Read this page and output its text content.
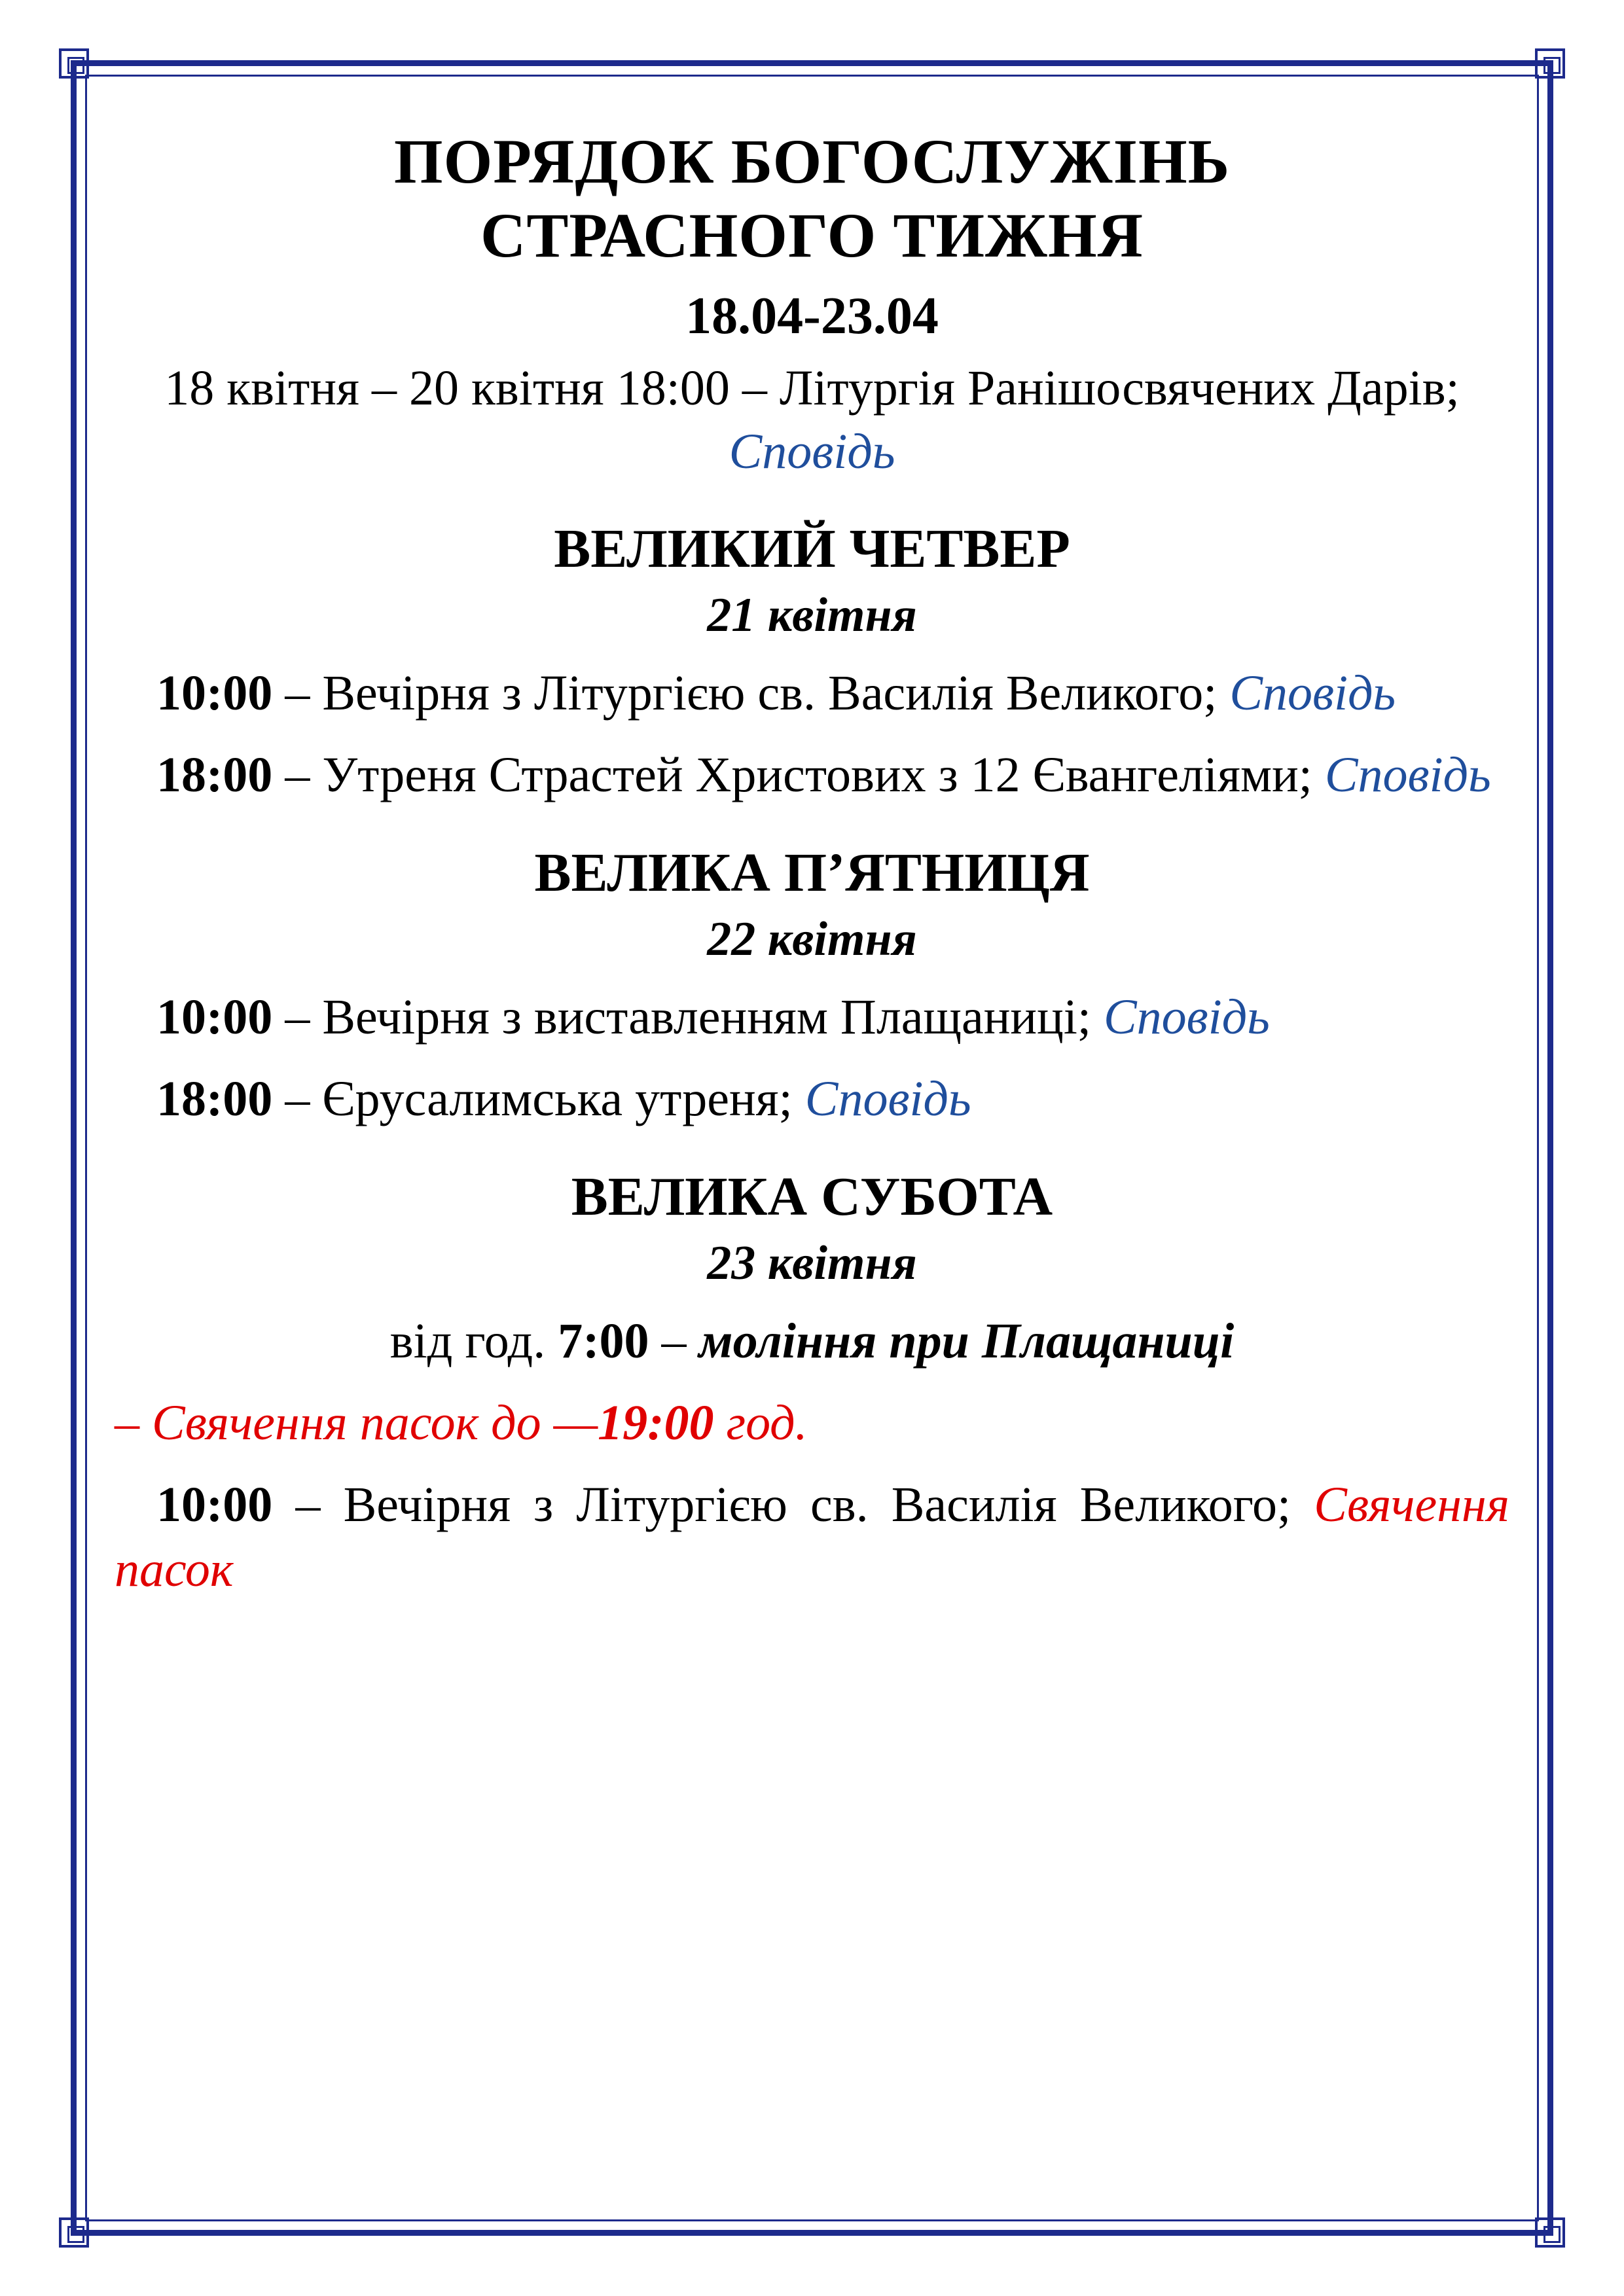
ПОРЯДОК БОГОСЛУЖІНЬ
СТРАСНОГО ТИЖНЯ
18.04-23.04
18 квітня – 20 квітня 18:00 – Літургія Ранішосвячених Дарів; Сповідь
ВЕЛИКИЙ ЧЕТВЕР
21 квітня
10:00 – Вечірня з Літургією св. Василія Великого; Сповідь
18:00 – Утреня Страстей Христових з 12 Євангеліями; Сповідь
ВЕЛИКА П’ЯТНИЦЯ
22 квітня
10:00 – Вечірня з виставленням Плащаниці; Сповідь
18:00 – Єрусалимська утреня; Сповідь
ВЕЛИКА СУБОТА
23 квітня
від год. 7:00 – моління при Плащаниці
– Свячення пасок до —19:00 год.
10:00 – Вечірня з Літургією св. Василія Великого; Свячення пасок
